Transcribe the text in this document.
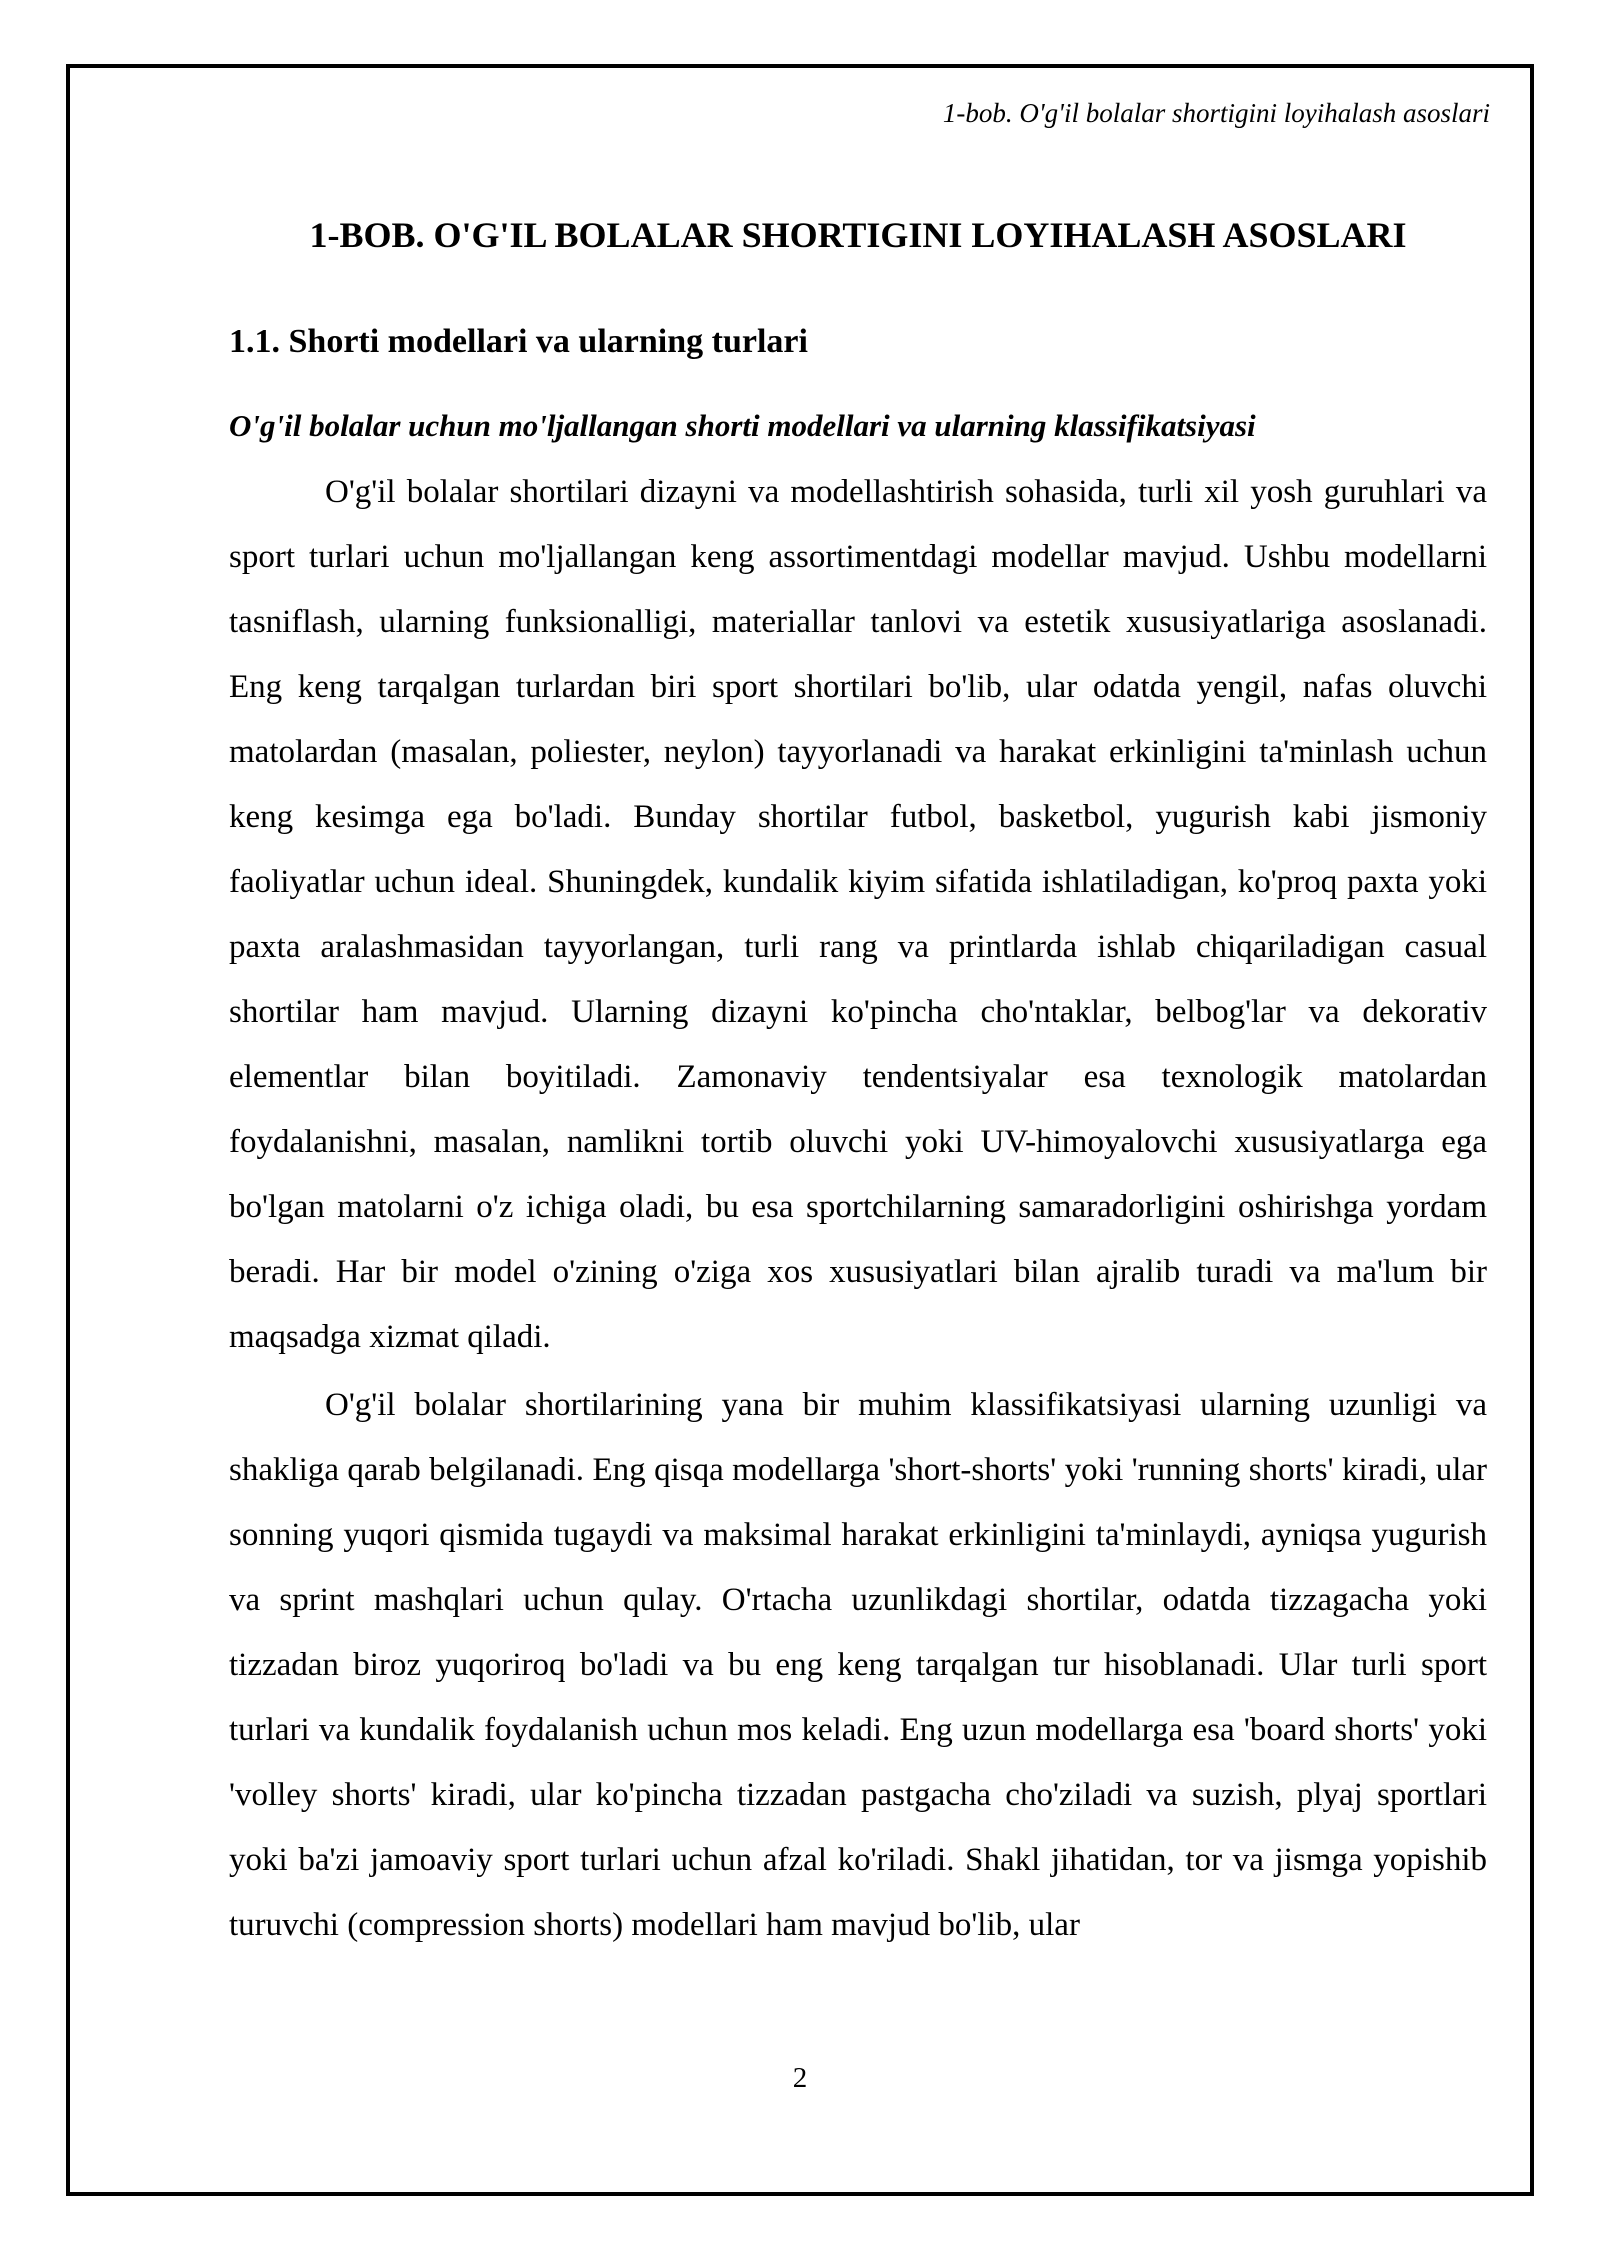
1-bob. O'g'il bolalar shortigini loyihalash asoslari
1-BOB. O'G'IL BOLALAR SHORTIGINI LOYIHALASH ASOSLARI
1.1. Shorti modellari va ularning turlari
O'g'il bolalar uchun mo'ljallangan shorti modellari va ularning klassifikatsiyasi

O'g'il bolalar shortilari dizayni va modellashtirish sohasida, turli xil yosh guruhlari va sport turlari uchun mo'ljallangan keng assortimentdagi modellar mavjud. Ushbu modellarni tasniflash, ularning funksionalligi, materiallar tanlovi va estetik xususiyatlariga asoslanadi. Eng keng tarqalgan turlardan biri sport shortilari bo'lib, ular odatda yengil, nafas oluvchi matolardan (masalan, poliester, neylon) tayyorlanadi va harakat erkinligini ta'minlash uchun keng kesimga ega bo'ladi. Bunday shortilar futbol, basketbol, yugurish kabi jismoniy faoliyatlar uchun ideal. Shuningdek, kundalik kiyim sifatida ishlatiladigan, ko'proq paxta yoki paxta aralashmasidan tayyorlangan, turli rang va printlarda ishlab chiqariladigan casual shortilar ham mavjud. Ularning dizayni ko'pincha cho'ntaklar, belbog'lar va dekorativ elementlar bilan boyitiladi. Zamonaviy tendentsiyalar esa texnologik matolardan foydalanishni, masalan, namlikni tortib oluvchi yoki UV-himoyalovchi xususiyatlarga ega bo'lgan matolarni o'z ichiga oladi, bu esa sportchilarning samaradorligini oshirishga yordam beradi. Har bir model o'zining o'ziga xos xususiyatlari bilan ajralib turadi va ma'lum bir maqsadga xizmat qiladi.

O'g'il bolalar shortilarining yana bir muhim klassifikatsiyasi ularning uzunligi va shakliga qarab belgilanadi. Eng qisqa modellarga 'short-shorts' yoki 'running shorts' kiradi, ular sonning yuqori qismida tugaydi va maksimal harakat erkinligini ta'minlaydi, ayniqsa yugurish va sprint mashqlari uchun qulay. O'rtacha uzunlikdagi shortilar, odatda tizzagacha yoki tizzadan biroz yuqoriroq bo'ladi va bu eng keng tarqalgan tur hisoblanadi. Ular turli sport turlari va kundalik foydalanish uchun mos keladi. Eng uzun modellarga esa 'board shorts' yoki 'volley shorts' kiradi, ular ko'pincha tizzadan pastgacha cho'ziladi va suzish, plyaj sportlari yoki ba'zi jamoaviy sport turlari uchun afzal ko'riladi. Shakl jihatidan, tor va jismga yopishib turuvchi (compression shorts) modellari ham mavjud bo'lib, ular

2
